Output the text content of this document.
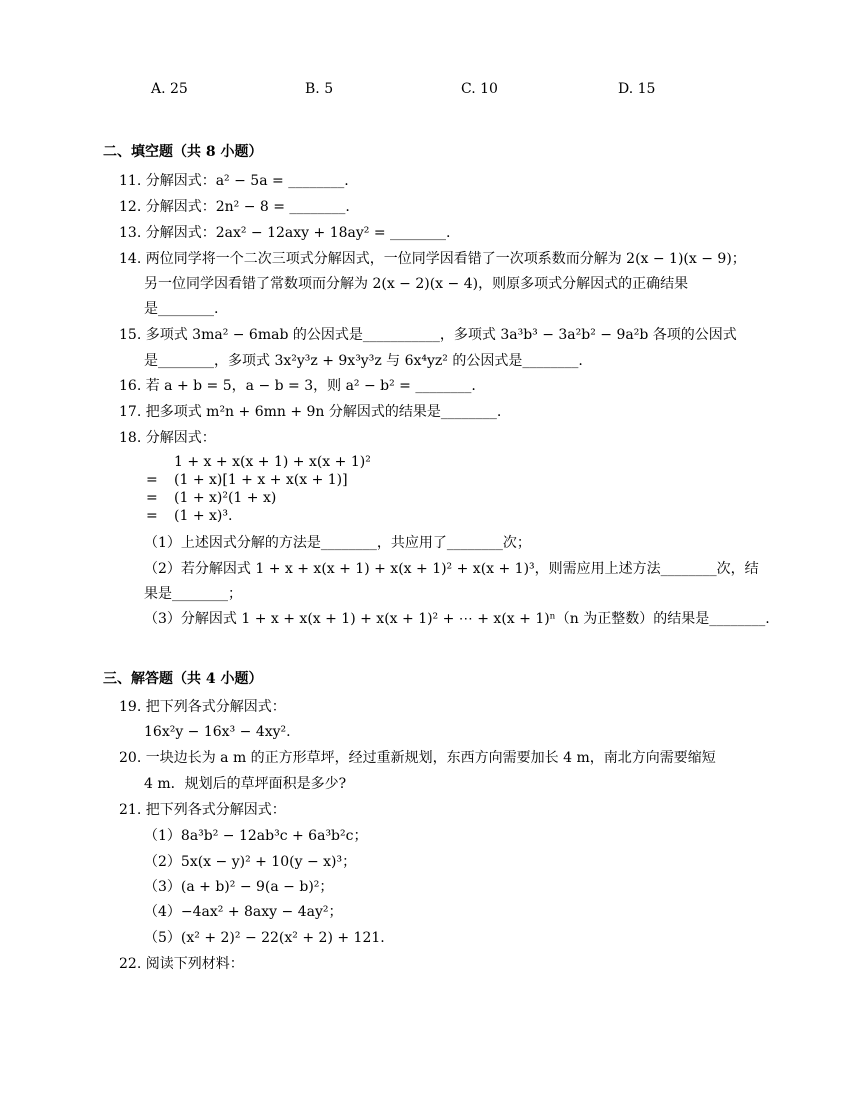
A. 25	B. 5	C. 10	D. 15
二、填空题（共 8 小题）
11. 分解因式：a² − 5a = ________.
12. 分解因式：2n² − 8 = ________.
13. 分解因式：2ax² − 12axy + 18ay² = ________.
14. 两位同学将一个二次三项式分解因式，一位同学因看错了一次项系数而分解为 2(x − 1)(x − 9)；
另一位同学因看错了常数项而分解为 2(x − 2)(x − 4)，则原多项式分解因式的正确结果
是________.
15. 多项式 3ma² − 6mab 的公因式是___________，多项式 3a³b³ − 3a²b² − 9a²b 各项的公因式
是________，多项式 3x²y³z + 9x³y³z 与 6x⁴yz² 的公因式是________.
16. 若 a + b = 5，a − b = 3，则 a² − b² = ________.
17. 把多项式 m²n + 6mn + 9n 分解因式的结果是________.
18. 分解因式：
1 + x + x(x + 1) + x(x + 1)²
= (1 + x)[1 + x + x(x + 1)]
= (1 + x)²(1 + x)
= (1 + x)³.
（1）上述因式分解的方法是________，共应用了________次；
（2）若分解因式 1 + x + x(x + 1) + x(x + 1)² + x(x + 1)³，则需应用上述方法________次，结
果是________；
（3）分解因式 1 + x + x(x + 1) + x(x + 1)² + ⋯ + x(x + 1)ⁿ（n 为正整数）的结果是________.
三、解答题（共 4 小题）
19. 把下列各式分解因式：
16x²y − 16x³ − 4xy².
20. 一块边长为 a m 的正方形草坪，经过重新规划，东西方向需要加长 4 m，南北方向需要缩短
4 m．规划后的草坪面积是多少?
21. 把下列各式分解因式：
（1）8a³b² − 12ab³c + 6a³b²c；
（2）5x(x − y)² + 10(y − x)³；
（3）(a + b)² − 9(a − b)²；
（4）−4ax² + 8axy − 4ay²；
（5）(x² + 2)² − 22(x² + 2) + 121.
22. 阅读下列材料：
